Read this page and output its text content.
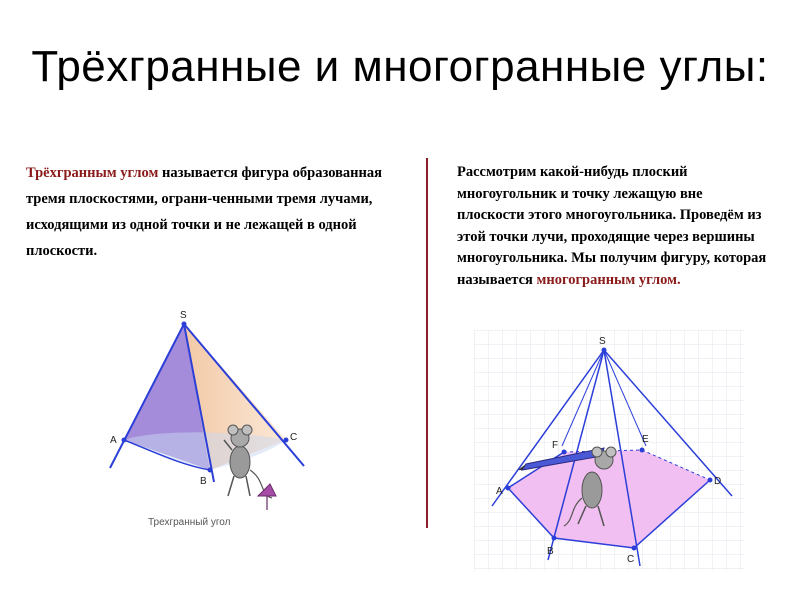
Трёхгранные и многогранные углы:
Трёхгранным углом называется фигура образованная тремя плоскостями, ограни-ченными тремя лучами, исходящими из одной точки и не лежащей в одной плоскости.
Рассмотрим какой-нибудь плоский многоугольник и точку лежащую вне плоскости этого многоугольника. Проведём из этой точки лучи, проходящие через вершины многоугольника. Мы получим фигуру, которая называется многогранным углом.
S
A
B
C
Трехгранный угол
S
A
B
C
D
E
F
